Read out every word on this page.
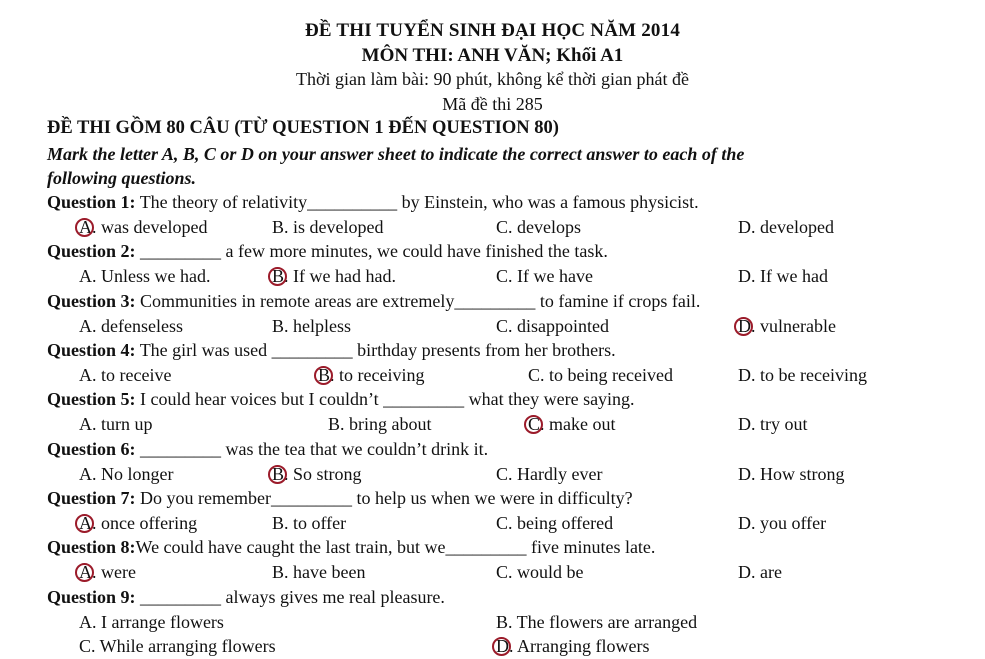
ĐỀ THI TUYỂN SINH ĐẠI HỌC NĂM 2014
MÔN THI: ANH VĂN; Khối A1
Thời gian làm bài: 90 phút, không kể thời gian phát đề
Mã đề thi 285
ĐỀ THI GỒM 80 CÂU (TỪ QUESTION 1 ĐẾN QUESTION 80)
Mark the letter A, B, C or D on your answer sheet to indicate the correct answer to each of the
following questions.
Question 1: The theory of relativity__________ by Einstein, who was a famous physicist.
A. was developed	B. is developed	C. develops	D. developed
Question 2: _________ a few more minutes, we could have finished the task.
A. Unless we had.	B. If we had had.	C. If we have	D. If we had
Question 3: Communities in remote areas are extremely_________ to famine if crops fail.
A. defenseless	B. helpless	C. disappointed	D. vulnerable
Question 4: The girl was used _________ birthday presents from her brothers.
A. to receive	B. to receiving	C. to being received	D. to be receiving
Question 5: I could hear voices but I couldn’t _________ what they were saying.
A. turn up	B. bring about	C. make out	D. try out
Question 6: _________ was the tea that we couldn’t drink it.
A. No longer	B. So strong	C. Hardly ever	D. How strong
Question 7: Do you remember_________ to help us when we were in difficulty?
A. once offering	B. to offer	C. being offered	D. you offer
Question 8:We could have caught the last train, but we_________ five minutes late.
A. were	B. have been	C. would be	D. are
Question 9: _________ always gives me real pleasure.
A. I arrange flowers	B. The flowers are arranged
C. While arranging flowers	D. Arranging flowers
